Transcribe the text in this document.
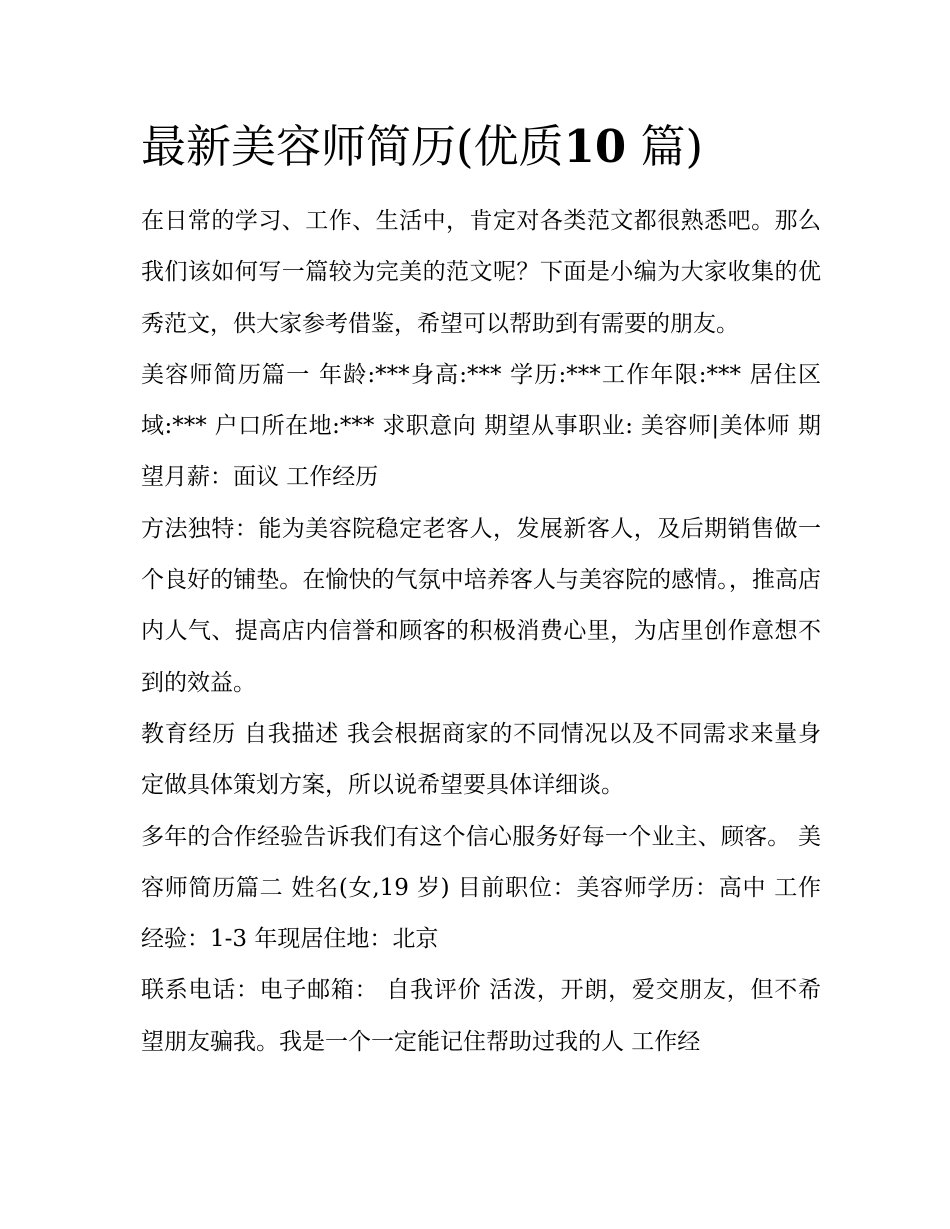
最新美容师简历(优质10 篇)

在日常的学习、工作、生活中，肯定对各类范文都很熟悉吧。那么我们该如何写一篇较为完美的范文呢？下面是小编为大家收集的优秀范文，供大家参考借鉴，希望可以帮助到有需要的朋友。

美容师简历篇一 年龄:***身高:*** 学历:***工作年限:*** 居住区域:*** 户口所在地:*** 求职意向 期望从事职业: 美容师|美体师 期望月薪：面议 工作经历

方法独特：能为美容院稳定老客人，发展新客人，及后期销售做一个良好的铺垫。在愉快的气氛中培养客人与美容院的感情。，推高店内人气、提高店内信誉和顾客的积极消费心里，为店里创作意想不到的效益。

教育经历 自我描述 我会根据商家的不同情况以及不同需求来量身定做具体策划方案，所以说希望要具体详细谈。

多年的合作经验告诉我们有这个信心服务好每一个业主、顾客。 美容师简历篇二 姓名(女,19 岁) 目前职位：美容师学历：高中 工作经验：1-3 年现居住地：北京

联系电话：电子邮箱： 自我评价 活泼，开朗，爱交朋友，但不希望朋友骗我。我是一个一定能记住帮助过我的人 工作经
